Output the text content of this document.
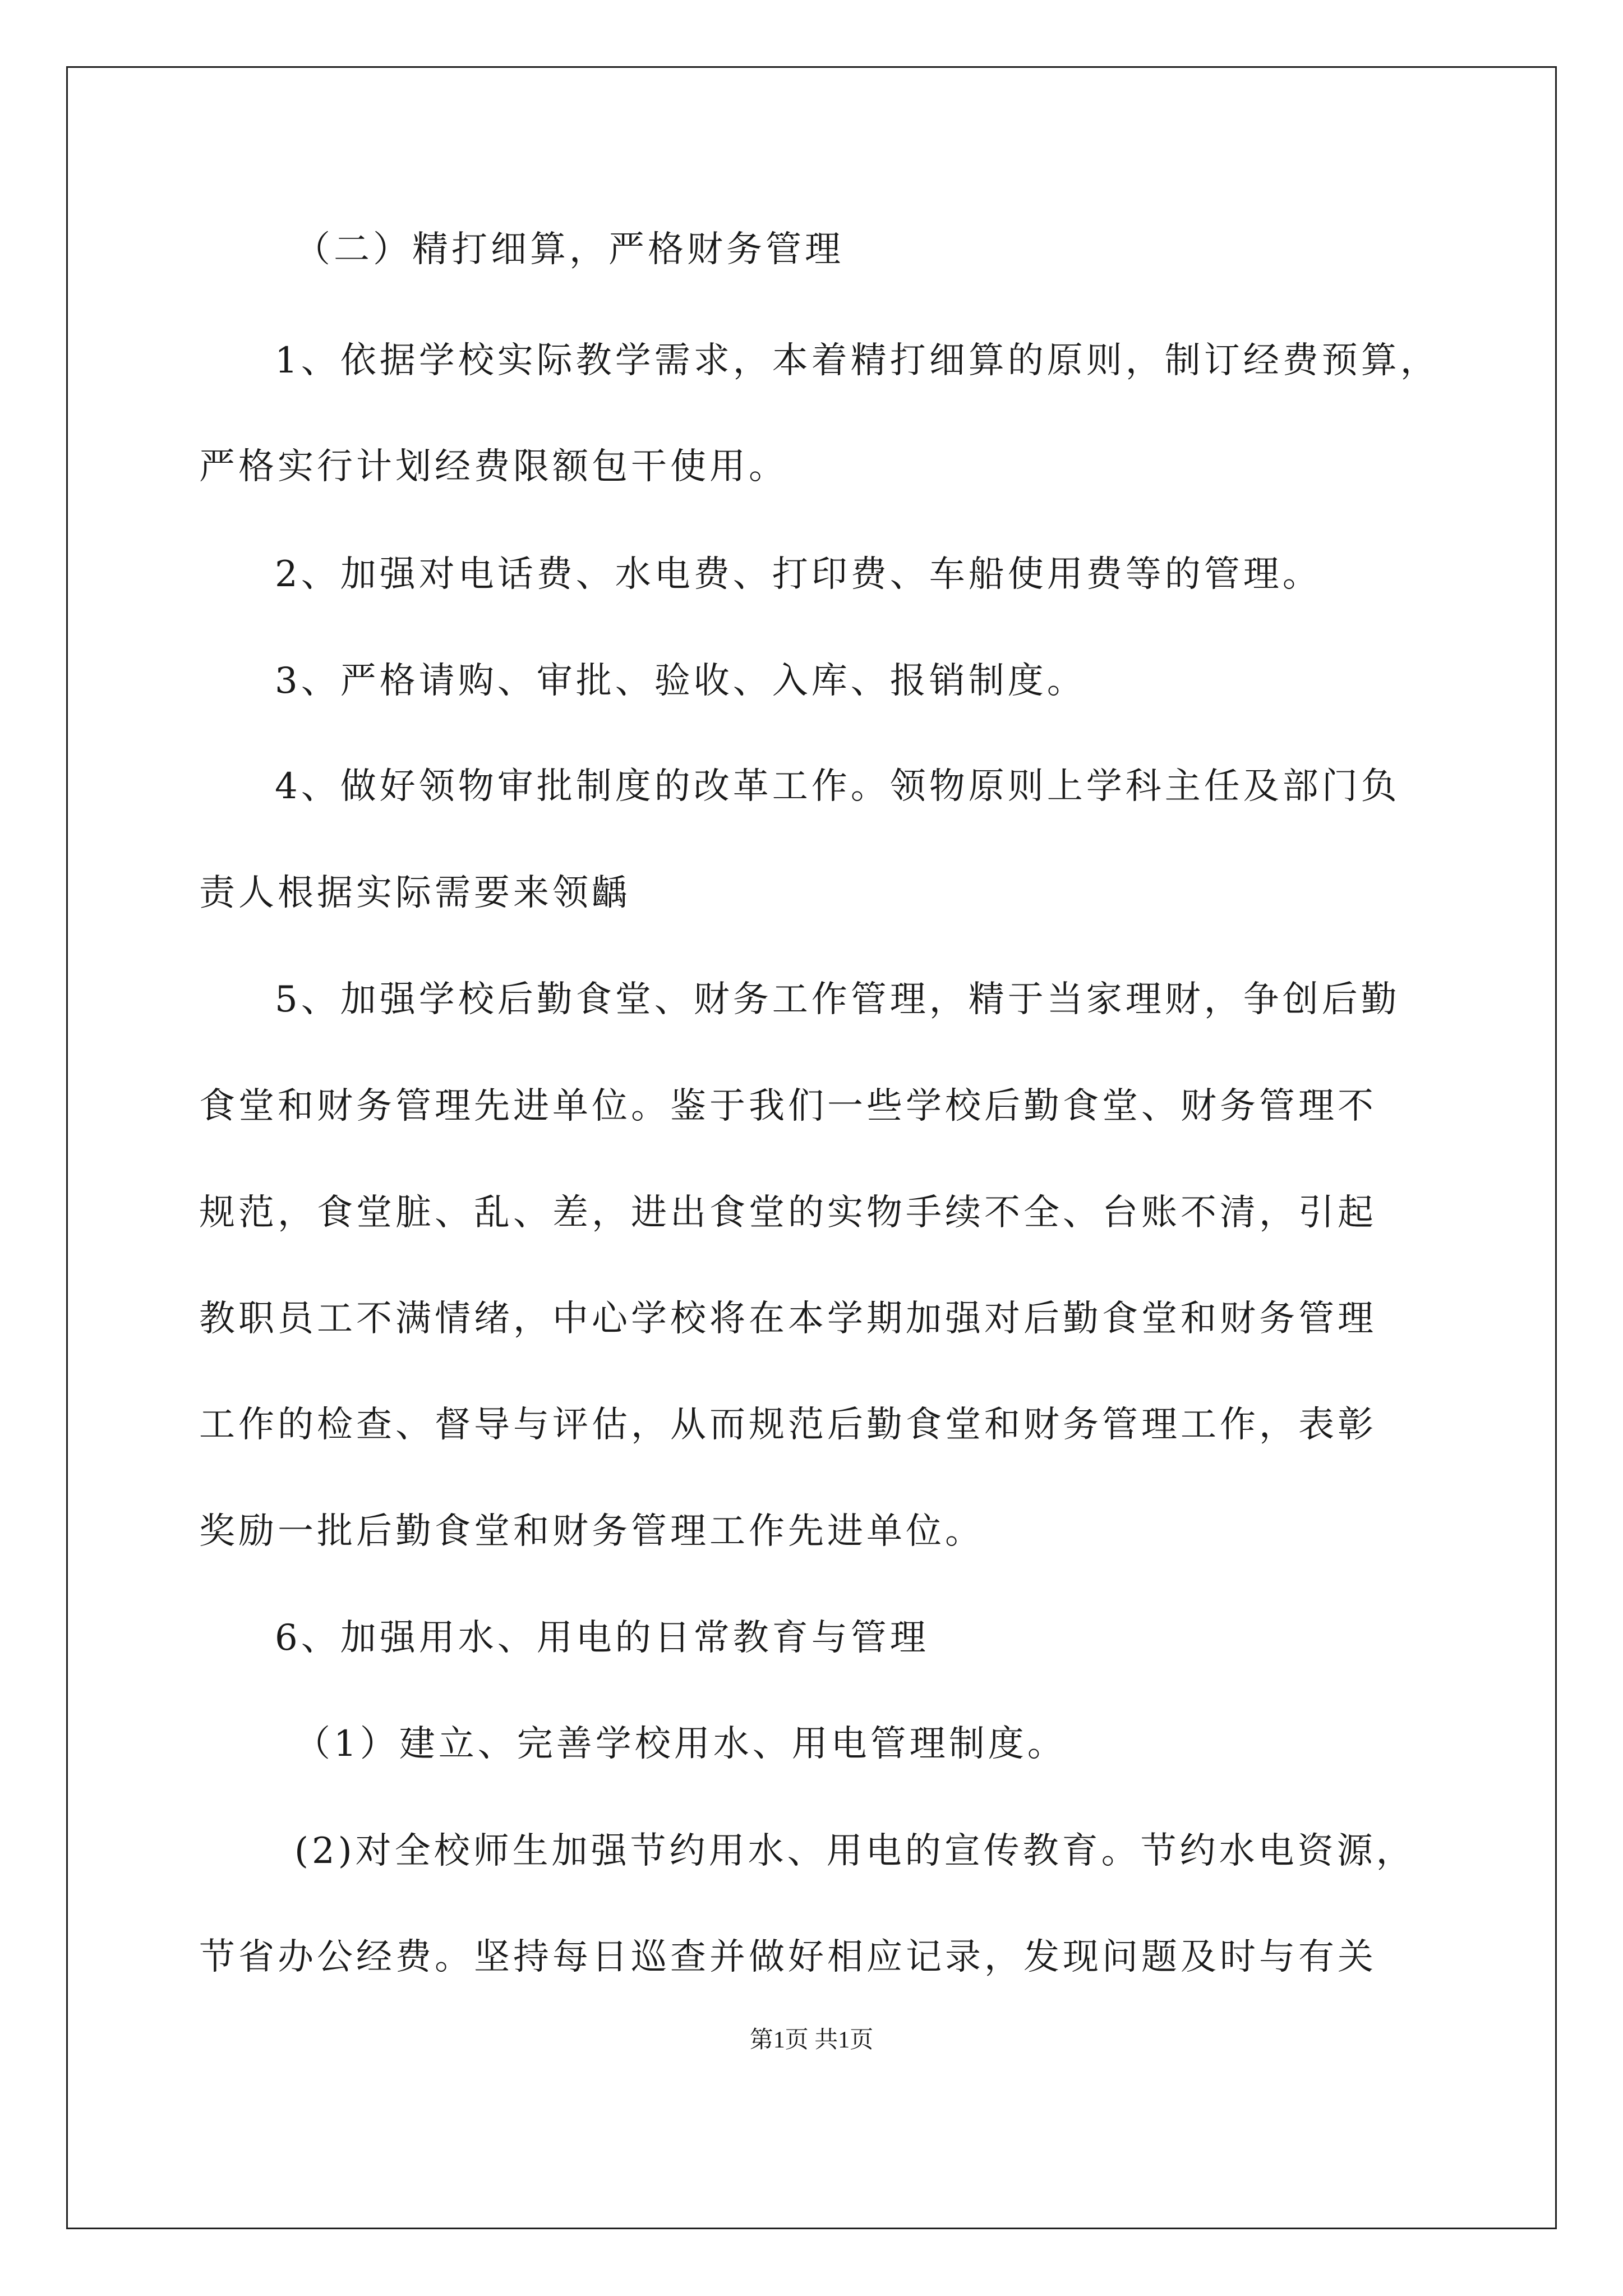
（二）精打细算，严格财务管理
1、依据学校实际教学需求，本着精打细算的原则，制订经费预算，
严格实行计划经费限额包干使用。
2、加强对电话费、水电费、打印费、车船使用费等的管理。
3、严格请购、审批、验收、入库、报销制度。
4、做好领物审批制度的改革工作。领物原则上学科主任及部门负
责人根据实际需要来领齲
5、加强学校后勤食堂、财务工作管理，精于当家理财，争创后勤
食堂和财务管理先进单位。鉴于我们一些学校后勤食堂、财务管理不
规范，食堂脏、乱、差，进出食堂的实物手续不全、台账不清，引起
教职员工不满情绪，中心学校将在本学期加强对后勤食堂和财务管理
工作的检查、督导与评估，从而规范后勤食堂和财务管理工作，表彰
奖励一批后勤食堂和财务管理工作先进单位。
6、加强用水、用电的日常教育与管理
（1）建立、完善学校用水、用电管理制度。
(2)对全校师生加强节约用水、用电的宣传教育。节约水电资源，
节省办公经费。坚持每日巡查并做好相应记录，发现问题及时与有关
第1页 共1页
